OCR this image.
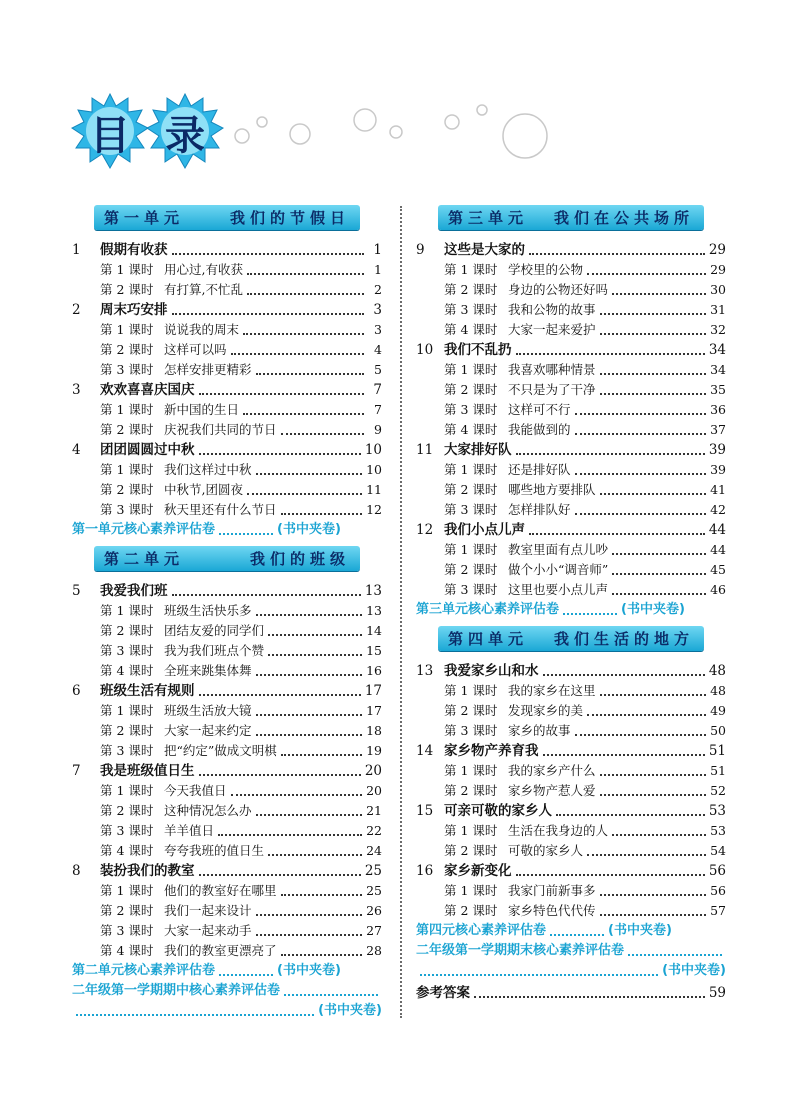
目 录
第一单元	我们的节假日
1	假期有收获	1
第 1 课时 用心过,有收获	1
第 2 课时 有打算,不忙乱	2
2	周末巧安排	3
第 1 课时 说说我的周末	3
第 2 课时 这样可以吗	4
第 3 课时 怎样安排更精彩	5
3	欢欢喜喜庆国庆	7
第 1 课时 新中国的生日	7
第 2 课时 庆祝我们共同的节日	9
4	团团圆圆过中秋	10
第 1 课时 我们这样过中秋	10
第 2 课时 中秋节,团圆夜	11
第 3 课时 秋天里还有什么节日	12
第一单元核心素养评估卷	(书中夹卷)
第二单元	我们的班级
5	我爱我们班	13
第 1 课时 班级生活快乐多	13
第 2 课时 团结友爱的同学们	14
第 3 课时 我为我们班点个赞	15
第 4 课时 全班来跳集体舞	16
6	班级生活有规则	17
第 1 课时 班级生活放大镜	17
第 2 课时 大家一起来约定	18
第 3 课时 把“约定”做成文明棋	19
7	我是班级值日生	20
第 1 课时 今天我值日	20
第 2 课时 这种情况怎么办	21
第 3 课时 羊羊值日	22
第 4 课时 夸夸我班的值日生	24
8	装扮我们的教室	25
第 1 课时 他们的教室好在哪里	25
第 2 课时 我们一起来设计	26
第 3 课时 大家一起来动手	27
第 4 课时 我们的教室更漂亮了	28
第二单元核心素养评估卷	(书中夹卷)
二年级第一学期期中核心素养评估卷
(书中夹卷)
第三单元 我们在公共场所
9	这些是大家的	29
第 1 课时 学校里的公物	29
第 2 课时 身边的公物还好吗	30
第 3 课时 我和公物的故事	31
第 4 课时 大家一起来爱护	32
10 我们不乱扔	34
第 1 课时 我喜欢哪种情景	34
第 2 课时 不只是为了干净	35
第 3 课时 这样可不行	36
第 4 课时 我能做到的	37
11 大家排好队	39
第 1 课时 还是排好队	39
第 2 课时 哪些地方要排队	41
第 3 课时 怎样排队好	42
12 我们小点儿声	44
第 1 课时 教室里面有点儿吵	44
第 2 课时 做个小小“调音师”	45
第 3 课时 这里也要小点儿声	46
第三单元核心素养评估卷	(书中夹卷)
第四单元 我们生活的地方
13 我爱家乡山和水	48
第 1 课时 我的家乡在这里	48
第 2 课时 发现家乡的美	49
第 3 课时 家乡的故事	50
14 家乡物产养育我	51
第 1 课时 我的家乡产什么	51
第 2 课时 家乡物产惹人爱	52
15 可亲可敬的家乡人	53
第 1 课时 生活在我身边的人	53
第 2 课时 可敬的家乡人	54
16 家乡新变化	56
第 1 课时 我家门前新事多	56
第 2 课时 家乡特色代代传	57
第四元核心素养评估卷	(书中夹卷)
二年级第一学期期末核心素养评估卷
(书中夹卷)
参考答案	59
